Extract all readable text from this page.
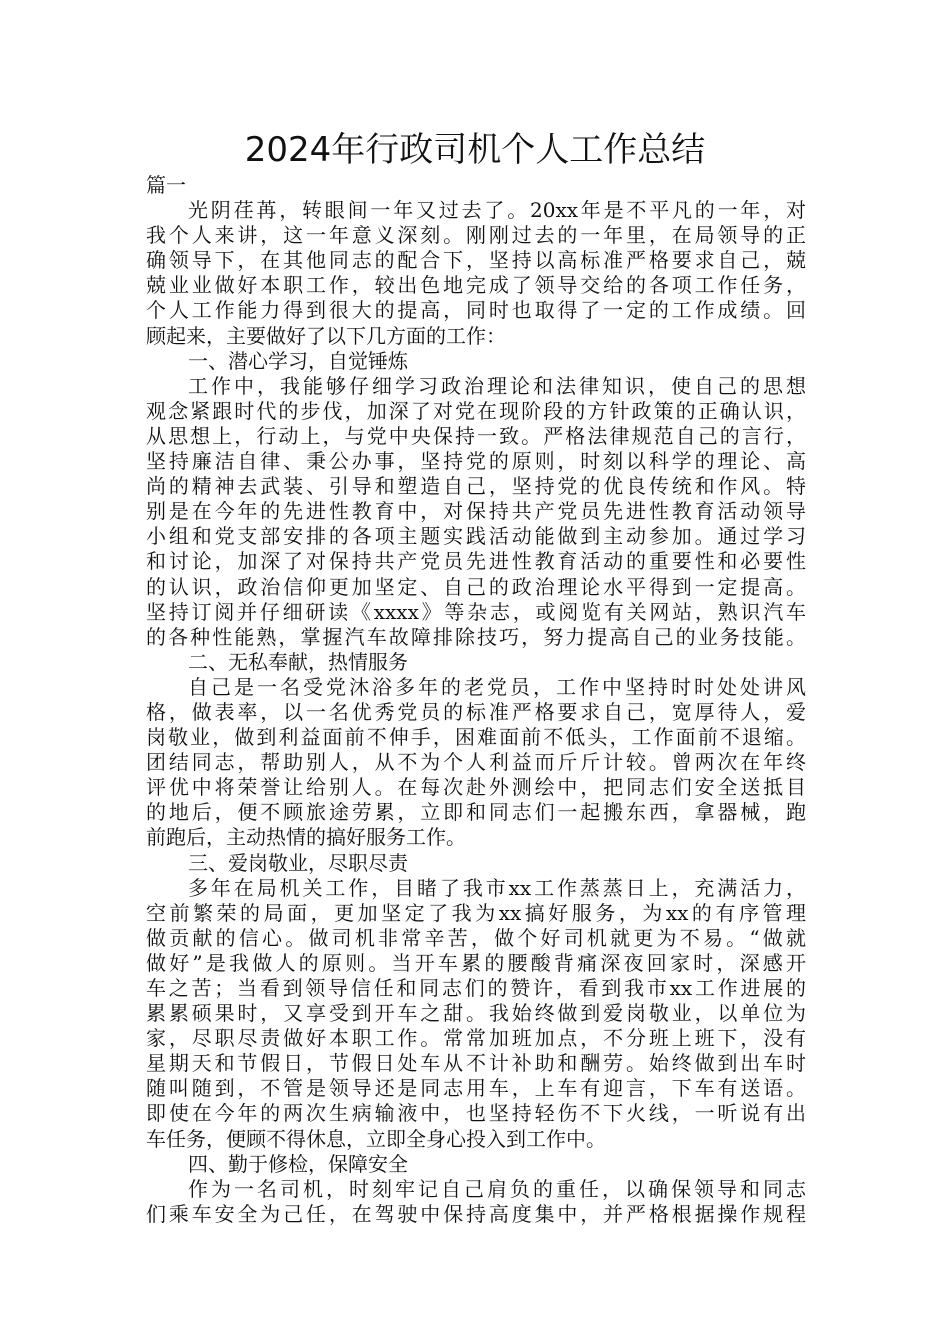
2024年行政司机个人工作总结
篇一
光阴荏苒，转眼间一年又过去了。20xx年是不平凡的一年，对
我个人来讲，这一年意义深刻。刚刚过去的一年里，在局领导的正
确领导下，在其他同志的配合下，坚持以高标准严格要求自己，兢
兢业业做好本职工作，较出色地完成了领导交给的各项工作任务，
个人工作能力得到很大的提高，同时也取得了一定的工作成绩。回
顾起来，主要做好了以下几方面的工作：
一、潜心学习，自觉锤炼
工作中，我能够仔细学习政治理论和法律知识，使自己的思想
观念紧跟时代的步伐，加深了对党在现阶段的方针政策的正确认识，
从思想上，行动上，与党中央保持一致。严格法律规范自己的言行，
坚持廉洁自律、秉公办事，坚持党的原则，时刻以科学的理论、高
尚的精神去武装、引导和塑造自己，坚持党的优良传统和作风。特
别是在今年的先进性教育中，对保持共产党员先进性教育活动领导
小组和党支部安排的各项主题实践活动能做到主动参加。通过学习
和讨论，加深了对保持共产党员先进性教育活动的重要性和必要性
的认识，政治信仰更加坚定、自己的政治理论水平得到一定提高。
坚持订阅并仔细研读《xxxx》等杂志，或阅览有关网站，熟识汽车
的各种性能熟，掌握汽车故障排除技巧，努力提高自己的业务技能。
二、无私奉献，热情服务
自己是一名受党沐浴多年的老党员，工作中坚持时时处处讲风
格，做表率，以一名优秀党员的标准严格要求自己，宽厚待人，爱
岗敬业，做到利益面前不伸手，困难面前不低头，工作面前不退缩。
团结同志，帮助别人，从不为个人利益而斤斤计较。曾两次在年终
评优中将荣誉让给别人。在每次赴外测绘中，把同志们安全送抵目
的地后，便不顾旅途劳累，立即和同志们一起搬东西，拿器械，跑
前跑后，主动热情的搞好服务工作。
三、爱岗敬业，尽职尽责
多年在局机关工作，目睹了我市xx工作蒸蒸日上，充满活力，
空前繁荣的局面，更加坚定了我为xx搞好服务，为xx的有序管理
做贡献的信心。做司机非常辛苦，做个好司机就更为不易。“做就
做好”是我做人的原则。当开车累的腰酸背痛深夜回家时，深感开
车之苦；当看到领导信任和同志们的赞许，看到我市xx工作进展的
累累硕果时，又享受到开车之甜。我始终做到爱岗敬业，以单位为
家，尽职尽责做好本职工作。常常加班加点，不分班上班下，没有
星期天和节假日，节假日处车从不计补助和酬劳。始终做到出车时
随叫随到，不管是领导还是同志用车，上车有迎言，下车有送语。
即使在今年的两次生病输液中，也坚持轻伤不下火线，一听说有出
车任务，便顾不得休息，立即全身心投入到工作中。
四、勤于修检，保障安全
作为一名司机，时刻牢记自己肩负的重任，以确保领导和同志
们乘车安全为己任，在驾驶中保持高度集中，并严格根据操作规程
